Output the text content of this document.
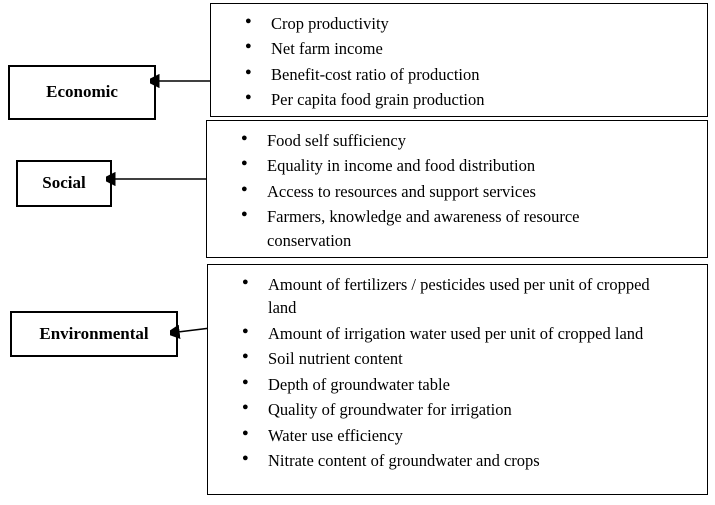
Economic
● Crop productivity
● Net farm income
● Benefit-cost ratio of production
● Per capita food grain production
Social
● Food self sufficiency
● Equality in income and food distribution
● Access to resources and support services
● Farmers, knowledge and awareness of resource conservation
Environmental
● Amount of fertilizers / pesticides used per unit of cropped land
● Amount of irrigation water used per unit of cropped land
● Soil nutrient content
● Depth of groundwater table
● Quality of groundwater for irrigation
● Water use efficiency
● Nitrate content of groundwater and crops
